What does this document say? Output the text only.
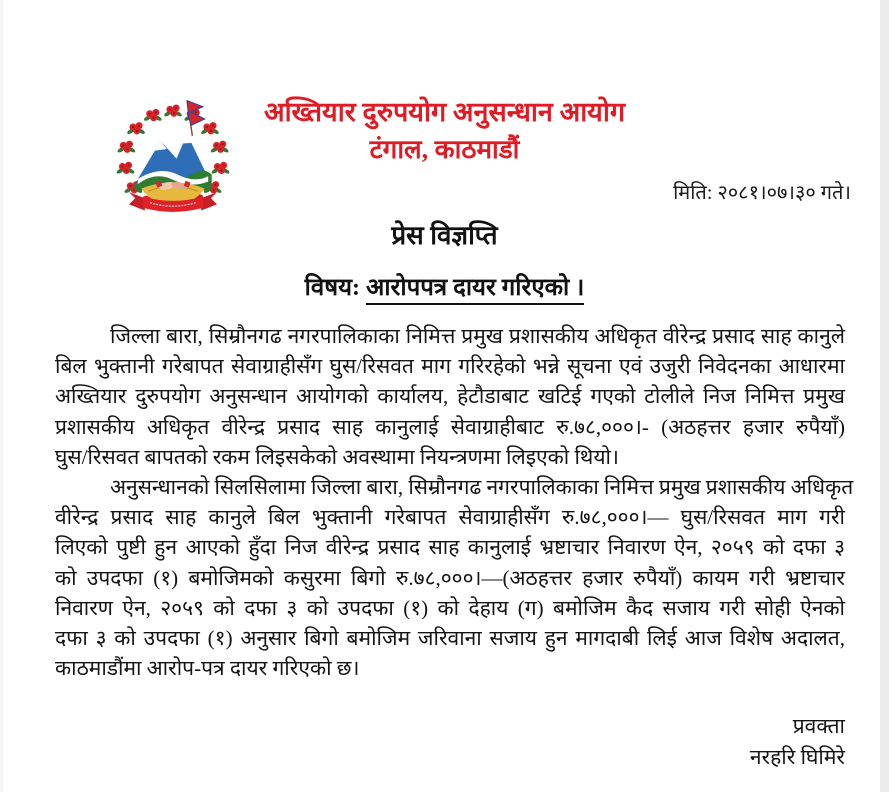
अख्तियार दुरुपयोग अनुसन्धान आयोग
टंगाल, काठमाडौं
मिति: २०८१।०७।३० गते।
प्रेस विज्ञप्ति
विषय: आरोपपत्र दायर गरिएको ।

जिल्ला बारा, सिम्रौनगढ नगरपालिकाका निमित्त प्रमुख प्रशासकीय अधिकृत वीरेन्द्र प्रसाद साह कानुले
बिल भुक्तानी गरेबापत सेवाग्राहीसँग घुस/रिसवत माग गरिरहेको भन्ने सूचना एवं उजुरी निवेदनका आधारमा
अख्तियार दुरुपयोग अनुसन्धान आयोगको कार्यालय, हेटौडाबाट खटिई गएको टोलीले निज निमित्त प्रमुख
प्रशासकीय अधिकृत वीरेन्द्र प्रसाद साह कानुलाई सेवाग्राहीबाट रु.७८,०००।- (अठहत्तर हजार रुपैयाँ)
घुस/रिसवत बापतको रकम लिइसकेको अवस्थामा नियन्त्रणमा लिइएको थियो।

अनुसन्धानको सिलसिलामा जिल्ला बारा, सिम्रौनगढ नगरपालिकाका निमित्त प्रमुख प्रशासकीय अधिकृत
वीरेन्द्र प्रसाद साह कानुले बिल भुक्तानी गरेबापत सेवाग्राहीसँग रु.७८,०००।— घुस/रिसवत माग गरी
लिएको पुष्टी हुन आएको हुँदा निज वीरेन्द्र प्रसाद साह कानुलाई भ्रष्टाचार निवारण ऐन, २०५९ को दफा ३
को उपदफा (१) बमोजिमको कसुरमा बिगो रु.७८,०००।—(अठहत्तर हजार रुपैयाँ) कायम गरी भ्रष्टाचार
निवारण ऐन, २०५९ को दफा ३ को उपदफा (१) को देहाय (ग) बमोजिम कैद सजाय गरी सोही ऐनको
दफा ३ को उपदफा (१) अनुसार बिगो बमोजिम जरिवाना सजाय हुन मागदाबी लिई आज विशेष अदालत,
काठमाडौंमा आरोप-पत्र दायर गरिएको छ।

प्रवक्ता
नरहरि घिमिरे
